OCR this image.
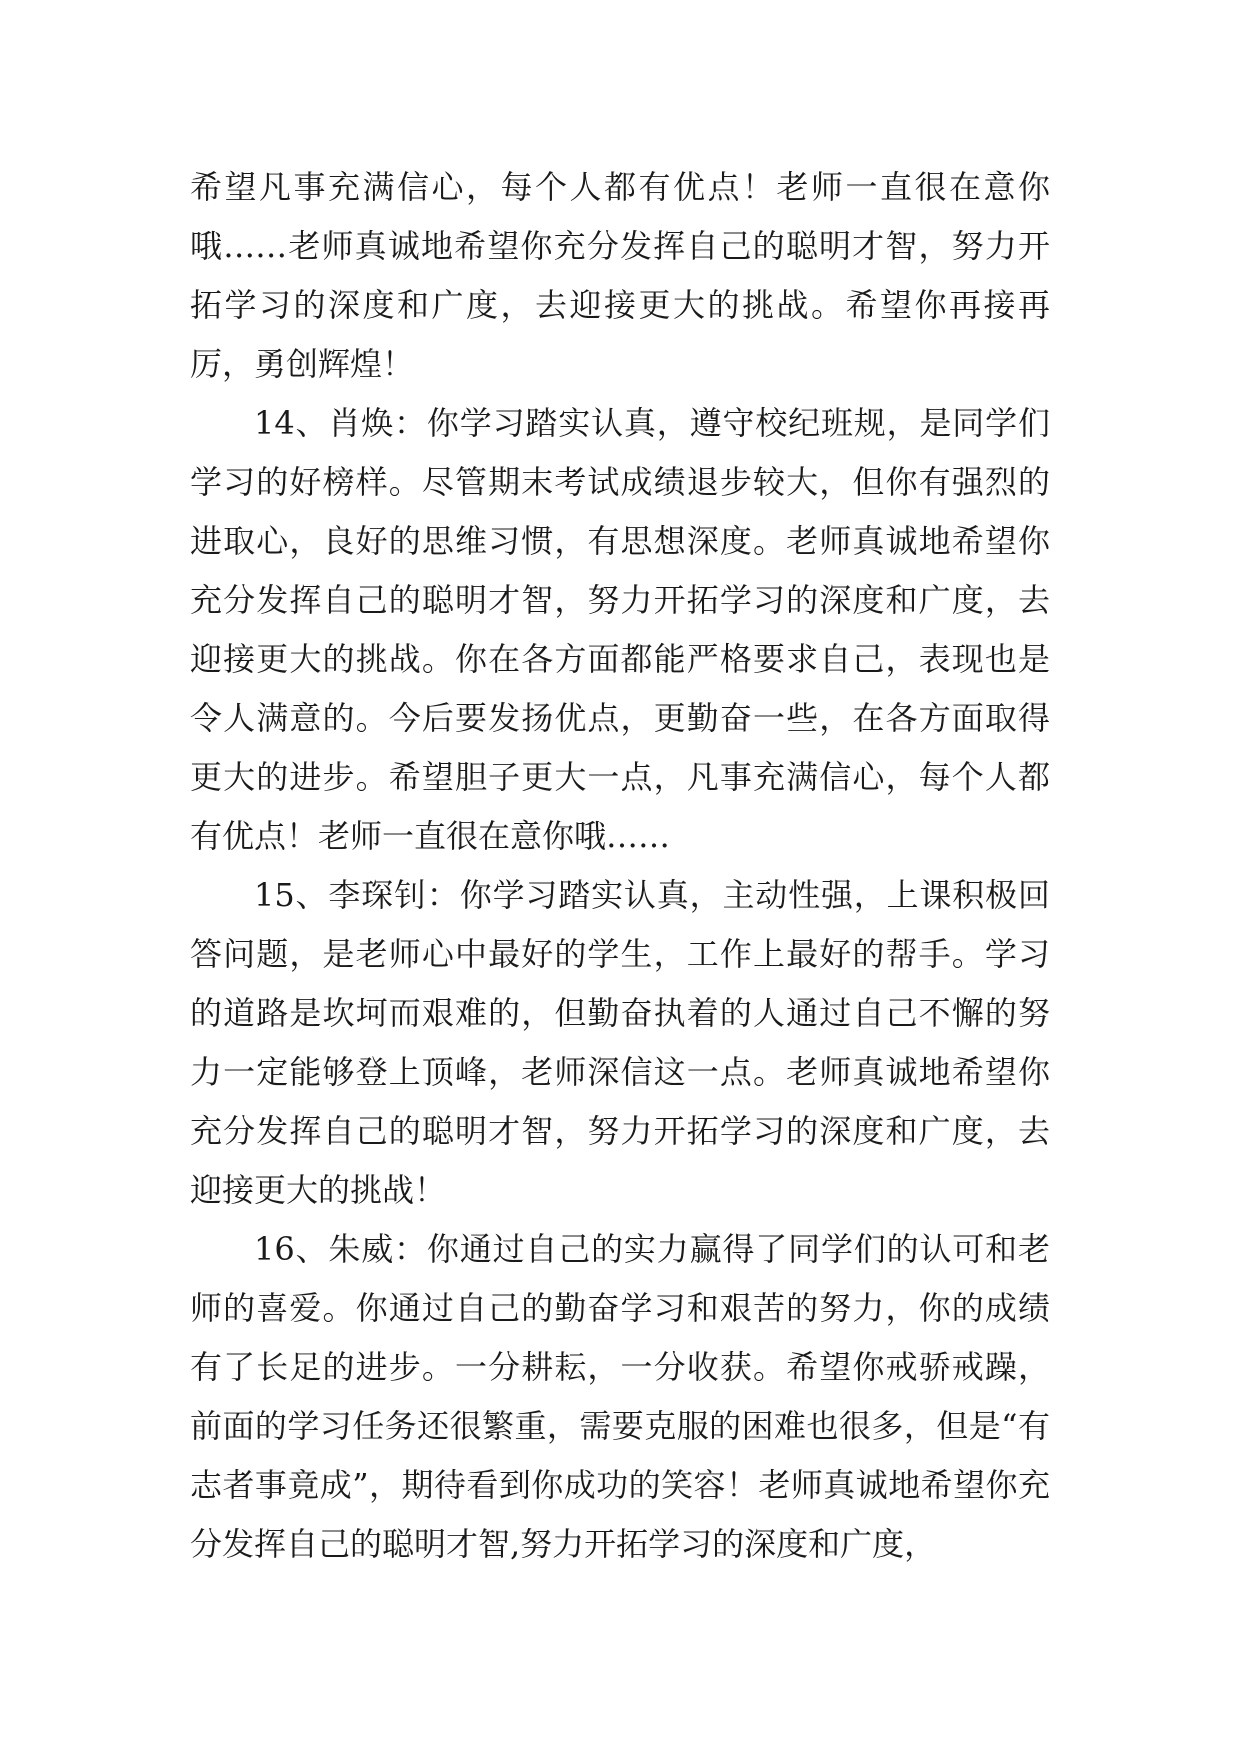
希望凡事充满信心，每个人都有优点！老师一直很在意你哦……老师真诚地希望你充分发挥自己的聪明才智，努力开拓学习的深度和广度，去迎接更大的挑战。希望你再接再厉，勇创辉煌！

14、肖焕：你学习踏实认真，遵守校纪班规，是同学们学习的好榜样。尽管期末考试成绩退步较大，但你有强烈的进取心，良好的思维习惯，有思想深度。老师真诚地希望你充分发挥自己的聪明才智，努力开拓学习的深度和广度，去迎接更大的挑战。你在各方面都能严格要求自己，表现也是令人满意的。今后要发扬优点，更勤奋一些，在各方面取得更大的进步。希望胆子更大一点，凡事充满信心，每个人都有优点！老师一直很在意你哦……

15、李琛钊：你学习踏实认真，主动性强，上课积极回答问题，是老师心中最好的学生，工作上最好的帮手。学习的道路是坎坷而艰难的，但勤奋执着的人通过自己不懈的努力一定能够登上顶峰，老师深信这一点。老师真诚地希望你充分发挥自己的聪明才智，努力开拓学习的深度和广度，去迎接更大的挑战！

16、朱威：你通过自己的实力赢得了同学们的认可和老师的喜爱。你通过自己的勤奋学习和艰苦的努力，你的成绩有了长足的进步。一分耕耘，一分收获。希望你戒骄戒躁，前面的学习任务还很繁重，需要克服的困难也很多，但是“有志者事竟成”，期待看到你成功的笑容！老师真诚地希望你充分发挥自己的聪明才智,努力开拓学习的深度和广度，
